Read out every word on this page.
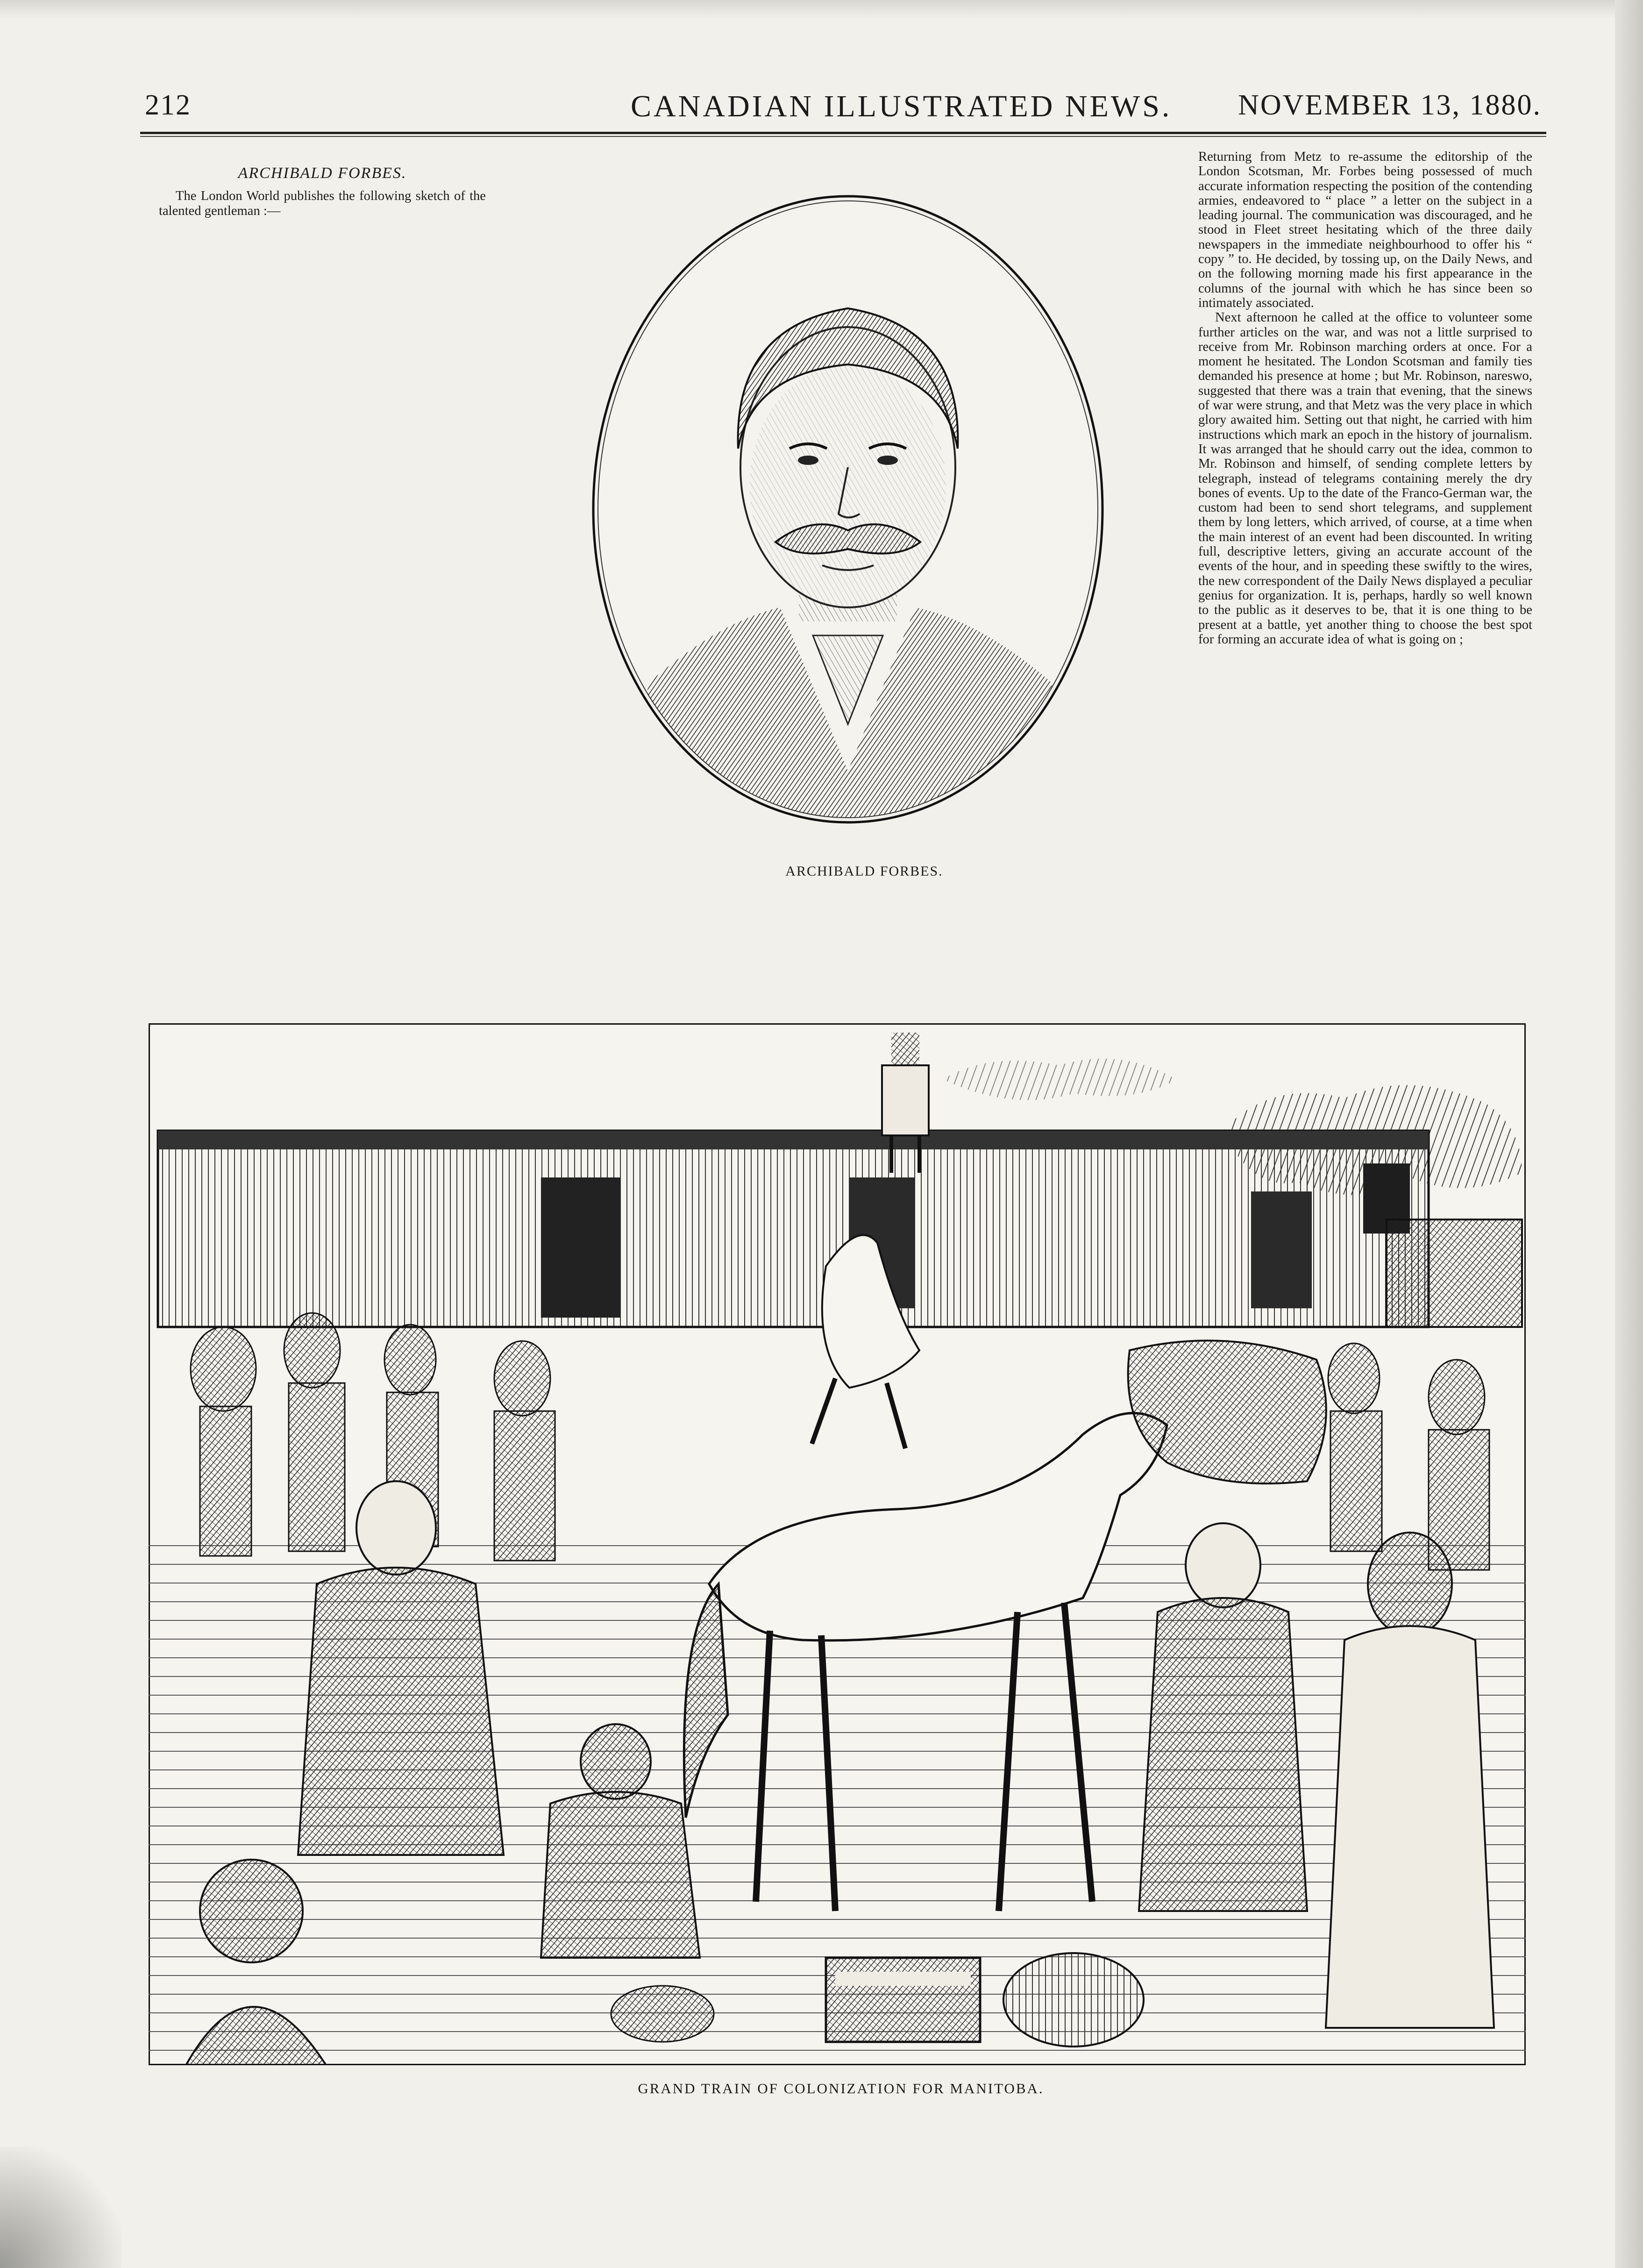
212	CANADIAN ILLUSTRATED NEWS. NOVEMBER 13, 1880.
ARCHIBALD FORBES.

The London World publishes the following sketch of the talented gentleman :—

Returning from Metz to re-assume the editorship of the London Scotsman, Mr. Forbes being possessed of much accurate information respecting the position of the contending armies, endeavored to “ place ” a letter on the subject in a leading journal. The communication was discouraged, and he stood in Fleet street hesitating which of the three daily newspapers in the immediate neighbourhood to offer his “ copy ” to. He decided, by tossing up, on the Daily News, and on the following morning made his first appearance in the columns of the journal with which he has since been so intimately associated.

Next afternoon he called at the office to volunteer some further articles on the war, and was not a little surprised to receive from Mr. Robinson marching orders at once. For a moment he hesitated. The London Scotsman and family ties demanded his presence at home ; but Mr. Robinson, nareswo, suggested that there was a train that evening, that the sinews of war were strung, and that Metz was the very place in which glory awaited him. Setting out that night, he carried with him instructions which mark an epoch in the history of journalism. It was arranged that he should carry out the idea, common to Mr. Robinson and himself, of sending complete letters by telegraph, instead of telegrams containing merely the dry bones of events. Up to the date of the Franco-German war, the custom had been to send short telegrams, and supplement them by long letters, which arrived, of course, at a time when the main interest of an event had been discounted. In writing full, descriptive letters, giving an accurate account of the events of the hour, and in speeding these swiftly to the wires, the new correspondent of the Daily News displayed a peculiar genius for organization. It is, perhaps, hardly so well known to the public as it deserves to be, that it is one thing to be present at a battle, yet another thing to choose the best spot for forming an accurate idea of what is going on ;

ARCHIBALD FORBES.
GRAND TRAIN OF COLONIZATION FOR MANITOBA.
